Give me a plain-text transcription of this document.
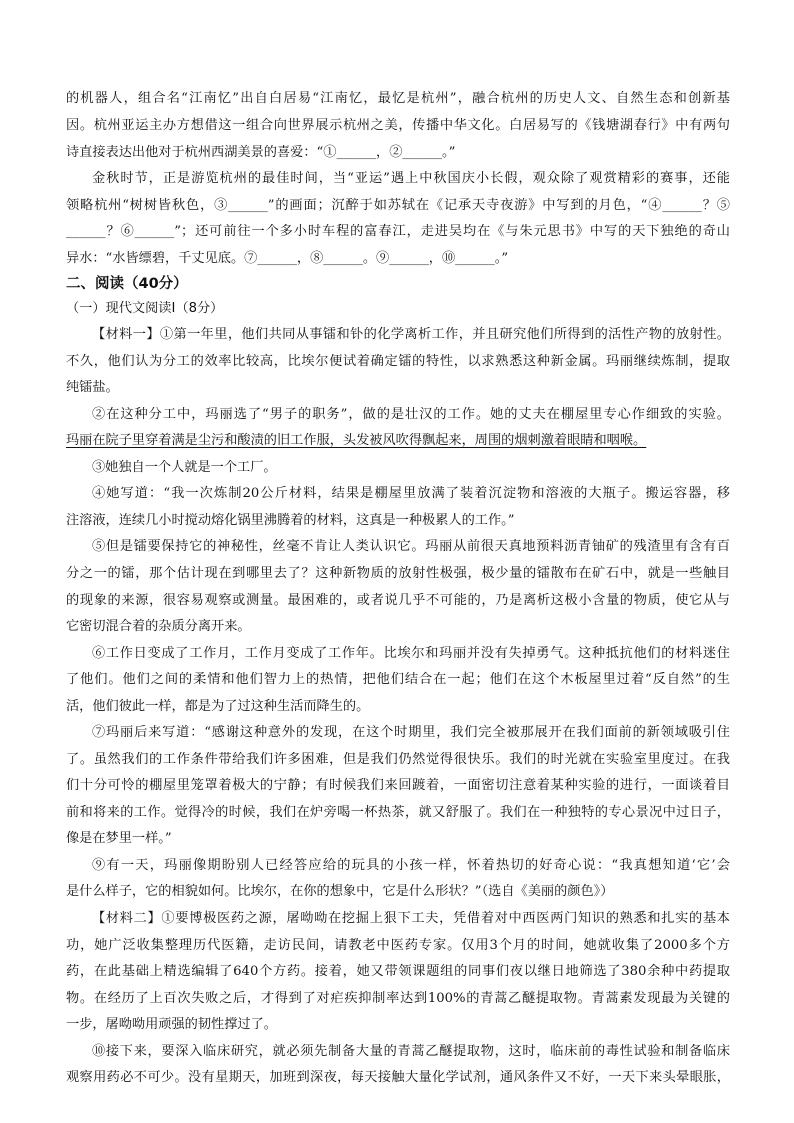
的机器人，组合名“江南忆”出自白居易“江南忆，最忆是杭州”，融合杭州的历史人文、自然生态和创新基
因。杭州亚运主办方想借这一组合向世界展示杭州之美，传播中华文化。白居易写的《钱塘湖春行》中有两句
诗直接表达出他对于杭州西湖美景的喜爱：“①______，②______。”
金秋时节，正是游览杭州的最佳时间，当“亚运”遇上中秋国庆小长假，观众除了观赏精彩的赛事，还能
领略杭州“树树皆秋色，③______”的画面；沉醉于如苏轼在《记承天寺夜游》中写到的月色，“④______？⑤
______？⑥______”；还可前往一个多小时车程的富春江，走进吴均在《与朱元思书》中写的天下独绝的奇山
异水：“水皆缥碧，千丈见底。⑦______，⑧______。⑨______，⑩______。”
二、阅读（40分）
（一）现代文阅读Ⅰ（8分）
【材料一】①第一年里，他们共同从事镭和钋的化学离析工作，并且研究他们所得到的活性产物的放射性。
不久，他们认为分工的效率比较高，比埃尔便试着确定镭的特性，以求熟悉这种新金属。玛丽继续炼制，提取
纯镭盐。
②在这种分工中，玛丽选了“男子的职务”，做的是壮汉的工作。她的丈夫在棚屋里专心作细致的实验。
玛丽在院子里穿着满是尘污和酸渍的旧工作服，头发被风吹得飘起来，周围的烟刺激着眼睛和咽喉。
③她独自一个人就是一个工厂。
④她写道：“我一次炼制20公斤材料，结果是棚屋里放满了装着沉淀物和溶液的大瓶子。搬运容器，移
注溶液，连续几小时搅动熔化锅里沸腾着的材料，这真是一种极累人的工作。”
⑤但是镭要保持它的神秘性，丝毫不肯让人类认识它。玛丽从前很天真地预料沥青铀矿的残渣里有含有百
分之一的镭，那个估计现在到哪里去了？这种新物质的放射性极强，极少量的镭散布在矿石中，就是一些触目
的现象的来源，很容易观察或测量。最困难的，或者说几乎不可能的，乃是离析这极小含量的物质，使它从与
它密切混合着的杂质分离开来。
⑥工作日变成了工作月，工作月变成了工作年。比埃尔和玛丽并没有失掉勇气。这种抵抗他们的材料迷住
了他们。他们之间的柔情和他们智力上的热情，把他们结合在一起；他们在这个木板屋里过着“反自然”的生
活，他们彼此一样，都是为了过这种生活而降生的。
⑦玛丽后来写道：“感谢这种意外的发现，在这个时期里，我们完全被那展开在我们面前的新领域吸引住
了。虽然我们的工作条件带给我们许多困难，但是我们仍然觉得很快乐。我们的时光就在实验室里度过。在我
们十分可怜的棚屋里笼罩着极大的宁静；有时候我们来回踱着，一面密切注意着某种实验的进行，一面谈着目
前和将来的工作。觉得冷的时候，我们在炉旁喝一杯热茶，就又舒服了。我们在一种独特的专心景况中过日子，
像是在梦里一样。”
⑨有一天，玛丽像期盼别人已经答应给的玩具的小孩一样，怀着热切的好奇心说：“我真想知道‘它’会
是什么样子，它的相貌如何。比埃尔，在你的想象中，它是什么形状？”（选自《美丽的颜色》）
【材料二】①要博极医药之源，屠呦呦在挖掘上狠下工夫，凭借着对中西医两门知识的熟悉和扎实的基本
功，她广泛收集整理历代医籍，走访民间，请教老中医药专家。仅用3个月的时间，她就收集了2000多个方
药，在此基础上精选编辑了640个方药。接着，她又带领课题组的同事们夜以继日地筛选了380余种中药提取
物。在经历了上百次失败之后，才得到了对疟疾抑制率达到100%的青蒿乙醚提取物。青蒿素发现最为关键的
一步，屠呦呦用顽强的韧性撑过了。
⑩接下来，要深入临床研究，就必须先制备大量的青蒿乙醚提取物，这时，临床前的毒性试验和制备临床
观察用药必不可少。没有星期天，加班到深夜，每天接触大量化学试剂，通风条件又不好，一天下来头晕眼胀，
